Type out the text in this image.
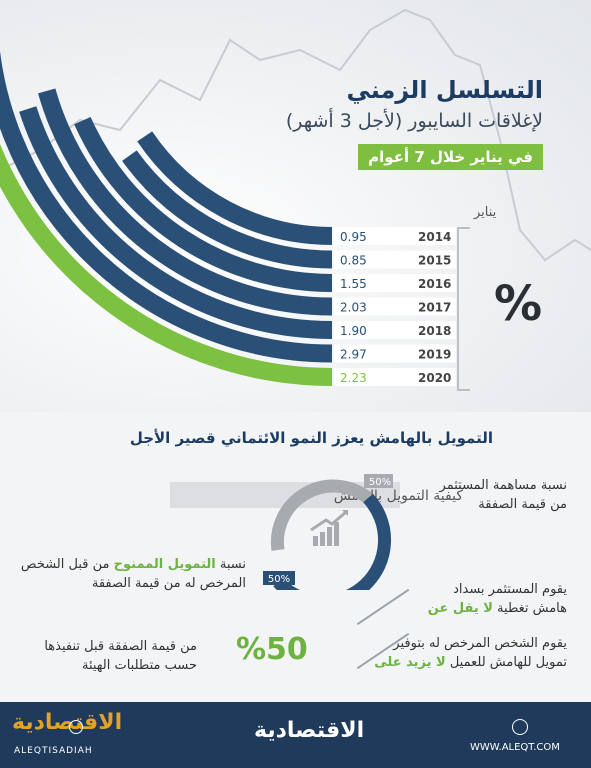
0.95	2014
0.85	2015
1.55	2016
2.03	2017
1.90	2018
2.97	2019
2.23	2020
التسلسل الزمني
لإغلاقات السايبور (لأجل 3 أشهر)
في يناير خلال 7 أعوام
يناير
%
التمويل بالهامش يعزز النمو الائتماني قصير الأجل
كيفية التمويل بالهامش
50%
50%
نسبة مساهمة المستثمر
من قيمة الصفقة
نسبة التمويل الممنوح من قبل الشخص
المرخص له من قيمة الصفقة	يقوم المستثمر بسداد
هامش تغطية لا يقل عن
يقوم الشخص المرخص له بتوفير
تمويل للهامش للعميل لا يزيد على
%50
من قيمة الصفقة قبل تنفيذها
حسب متطلبات الهيئة
الاقتصادية
ALEQTISADIAH
الاقتصادية
WWW.ALEQT.COM
